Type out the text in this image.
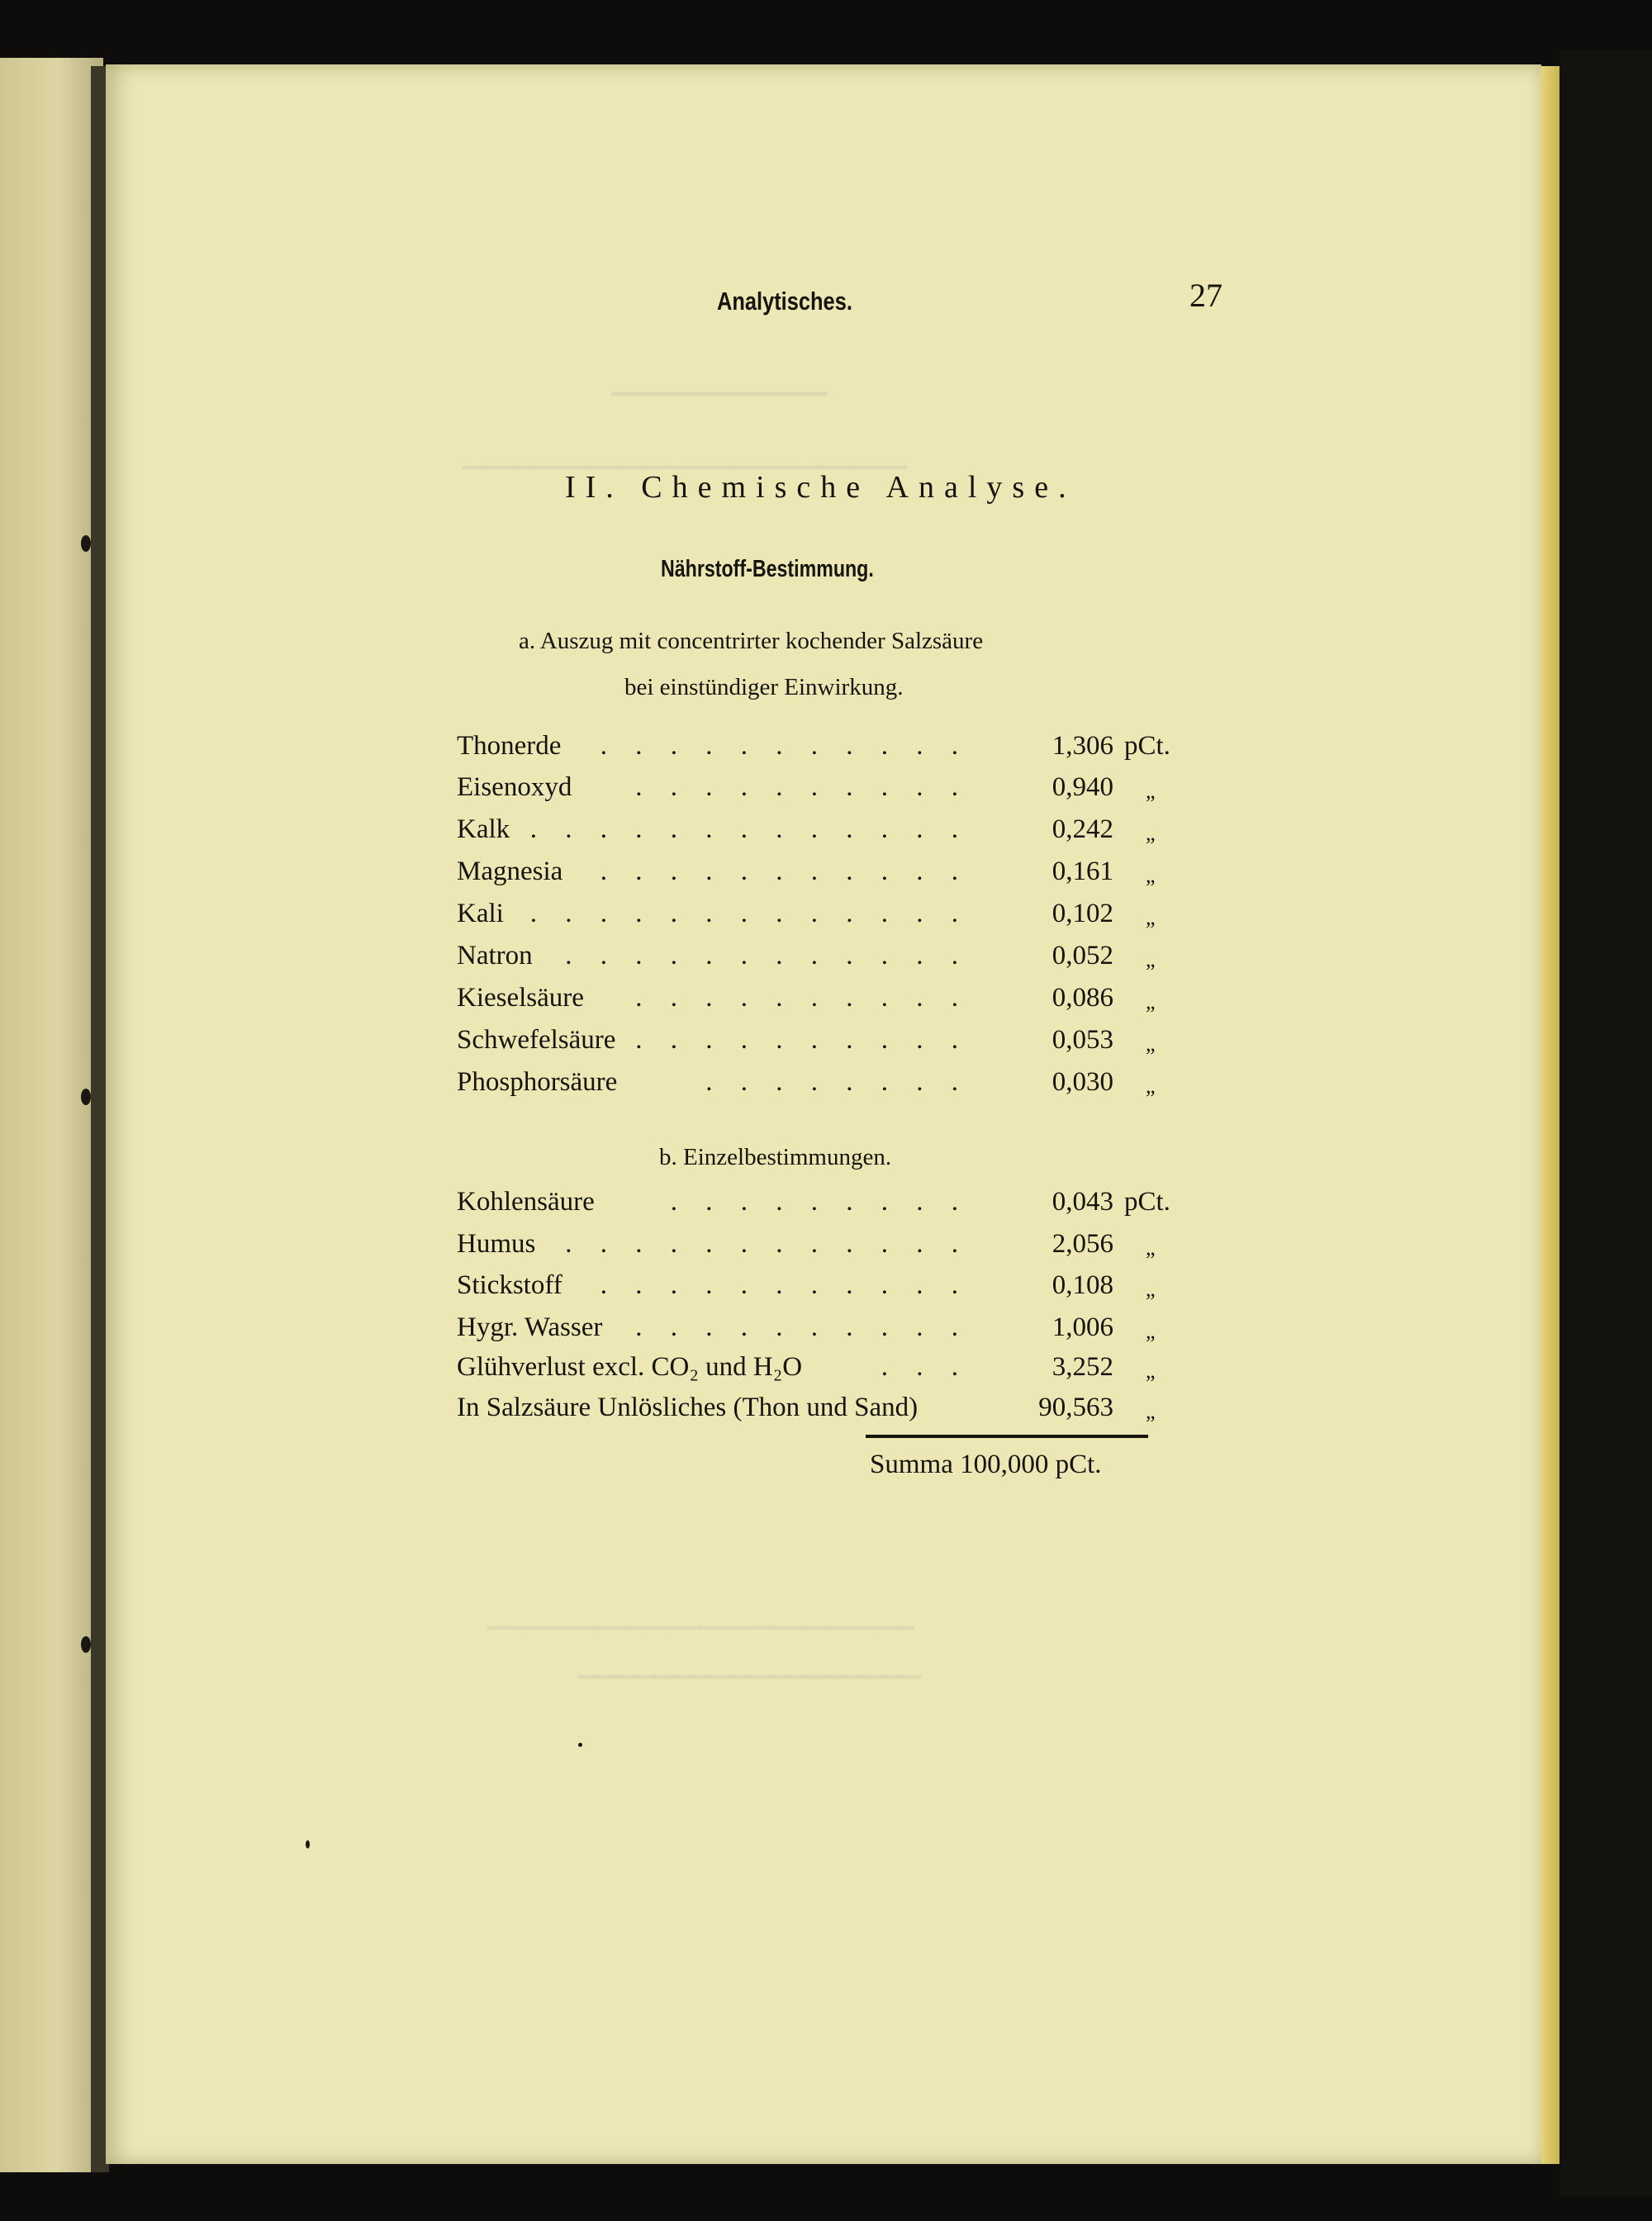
Analytisches.	27
II. Chemische Analyse.
Nährstoff-Bestimmung.
a. Auszug mit concentrirter kochender Salzsäure
bei einstündiger Einwirkung.
Thonerde . . . . . . . . . . .	1,306 pCt.
Eisenoxyd . . . . . . . . . .	0,940 „
Kalk . . . . . . . . . . . . .	0,242 „
Magnesia . . . . . . . . . . .	0,161 „
Kali . . . . . . . . . . . . .	0,102 „
Natron . . . . . . . . . . . .	0,052 „
Kieselsäure . . . . . . . . . .	0,086 „
Schwefelsäure . . . . . . . . . .	0,053 „
Phosphorsäure	. . . . . . . .	0,030 „
b. Einzelbestimmungen.
Kohlensäure	. . . . . . . . .	0,043 pCt.
Humus . . . . . . . . . . . .	2,056 „
Stickstoff . . . . . . . . . . .	0,108 „
Hygr. Wasser . . . . . . . . . .	1,006 „
Glühverlust excl. CO₂ und H₂O	. . .	3,252 „
In Salzsäure Unlösliches (Thon und Sand)	90,563 „
Summa 100,000 pCt.
